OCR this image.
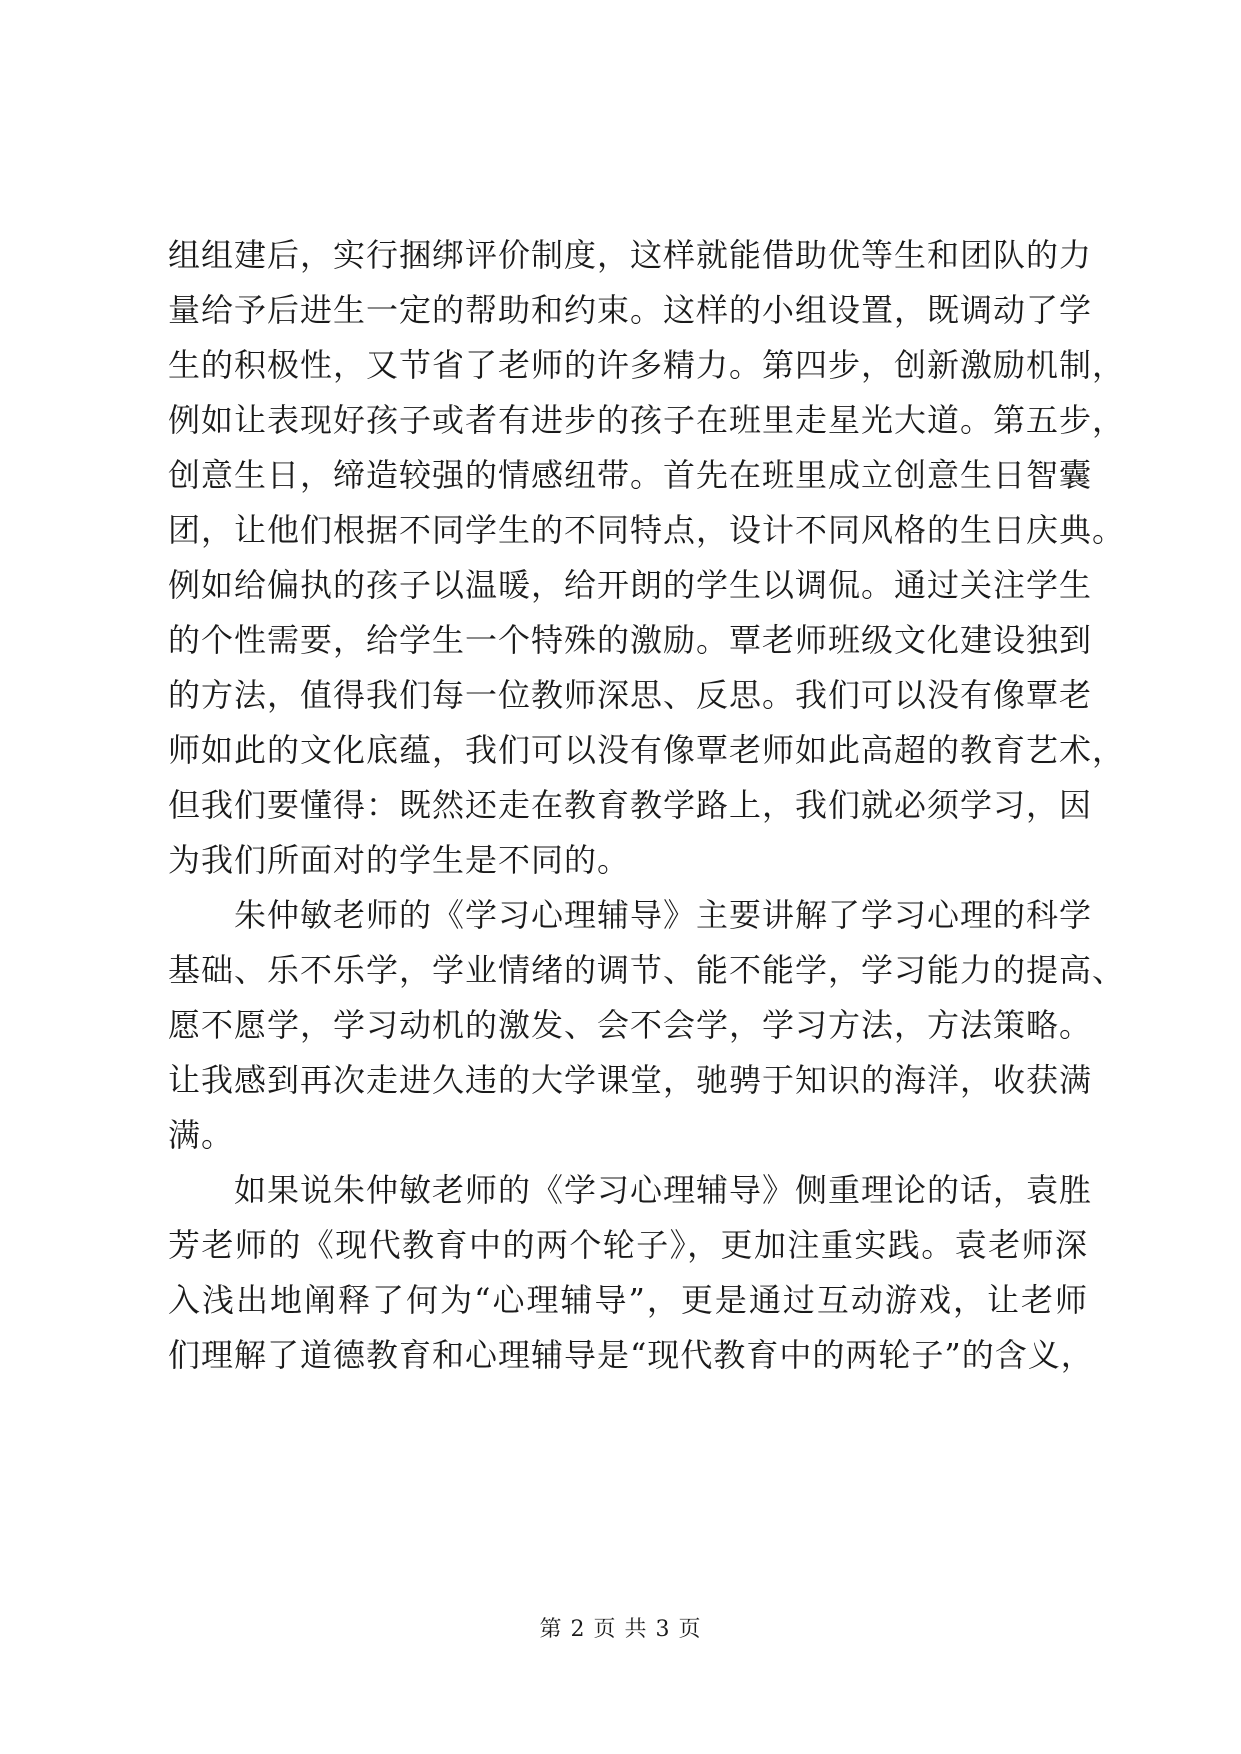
组组建后，实行捆绑评价制度，这样就能借助优等生和团队的力
量给予后进生一定的帮助和约束。这样的小组设置，既调动了学
生的积极性，又节省了老师的许多精力。第四步，创新激励机制，
例如让表现好孩子或者有进步的孩子在班里走星光大道。第五步，
创意生日，缔造较强的情感纽带。首先在班里成立创意生日智囊
团，让他们根据不同学生的不同特点，设计不同风格的生日庆典。
例如给偏执的孩子以温暖，给开朗的学生以调侃。通过关注学生
的个性需要，给学生一个特殊的激励。覃老师班级文化建设独到
的方法，值得我们每一位教师深思、反思。我们可以没有像覃老
师如此的文化底蕴，我们可以没有像覃老师如此高超的教育艺术，
但我们要懂得：既然还走在教育教学路上，我们就必须学习，因
为我们所面对的学生是不同的。
　　朱仲敏老师的《学习心理辅导》主要讲解了学习心理的科学
基础、乐不乐学，学业情绪的调节、能不能学，学习能力的提高、
愿不愿学，学习动机的激发、会不会学，学习方法，方法策略。
让我感到再次走进久违的大学课堂，驰骋于知识的海洋，收获满
满。
　　如果说朱仲敏老师的《学习心理辅导》侧重理论的话，袁胜
芳老师的《现代教育中的两个轮子》，更加注重实践。袁老师深
入浅出地阐释了何为“心理辅导”，更是通过互动游戏，让老师
们理解了道德教育和心理辅导是“现代教育中的两轮子”的含义，
第 2 页 共 3 页
